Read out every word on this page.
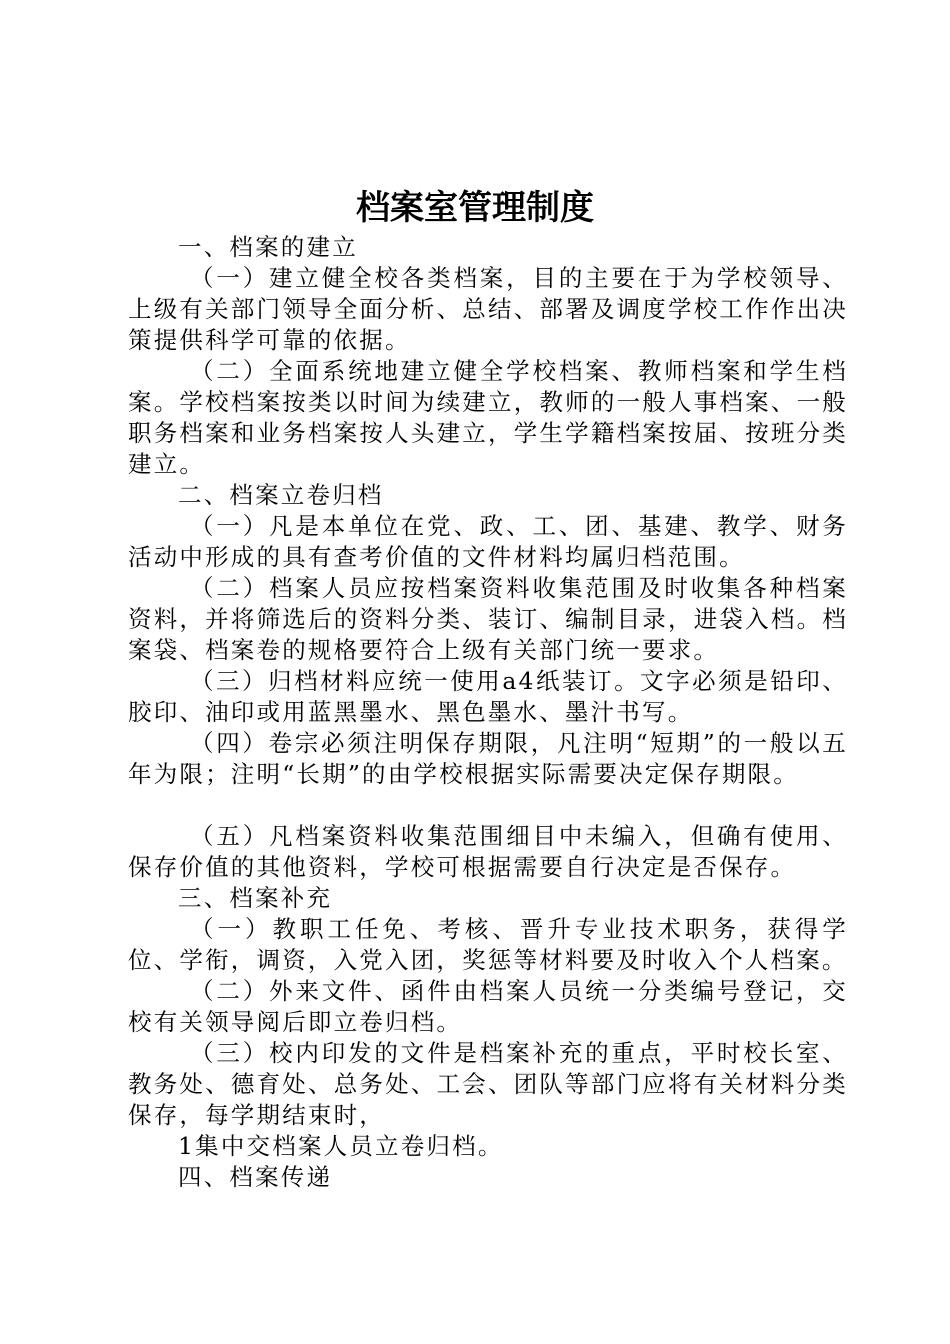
档案室管理制度

一、档案的建立

（一）建立健全校各类档案，目的主要在于为学校领导、上级有关部门领导全面分析、总结、部署及调度学校工作作出决策提供科学可靠的依据。

（二）全面系统地建立健全学校档案、教师档案和学生档案。学校档案按类以时间为续建立，教师的一般人事档案、一般职务档案和业务档案按人头建立，学生学籍档案按届、按班分类建立。

二、档案立卷归档

（一）凡是本单位在党、政、工、团、基建、教学、财务活动中形成的具有查考价值的文件材料均属归档范围。

（二）档案人员应按档案资料收集范围及时收集各种档案资料，并将筛选后的资料分类、装订、编制目录，进袋入档。档案袋、档案卷的规格要符合上级有关部门统一要求。

（三）归档材料应统一使用a4纸装订。文字必须是铅印、胶印、油印或用蓝黑墨水、黑色墨水、墨汁书写。

（四）卷宗必须注明保存期限，凡注明“短期”的一般以五年为限；注明“长期”的由学校根据实际需要决定保存期限。

（五）凡档案资料收集范围细目中未编入，但确有使用、保存价值的其他资料，学校可根据需要自行决定是否保存。

三、档案补充

（一）教职工任免、考核、晋升专业技术职务，获得学位、学衔，调资，入党入团，奖惩等材料要及时收入个人档案。

（二）外来文件、函件由档案人员统一分类编号登记，交校有关领导阅后即立卷归档。

（三）校内印发的文件是档案补充的重点，平时校长室、教务处、德育处、总务处、工会、团队等部门应将有关材料分类保存，每学期结束时，

1集中交档案人员立卷归档。

四、档案传递
